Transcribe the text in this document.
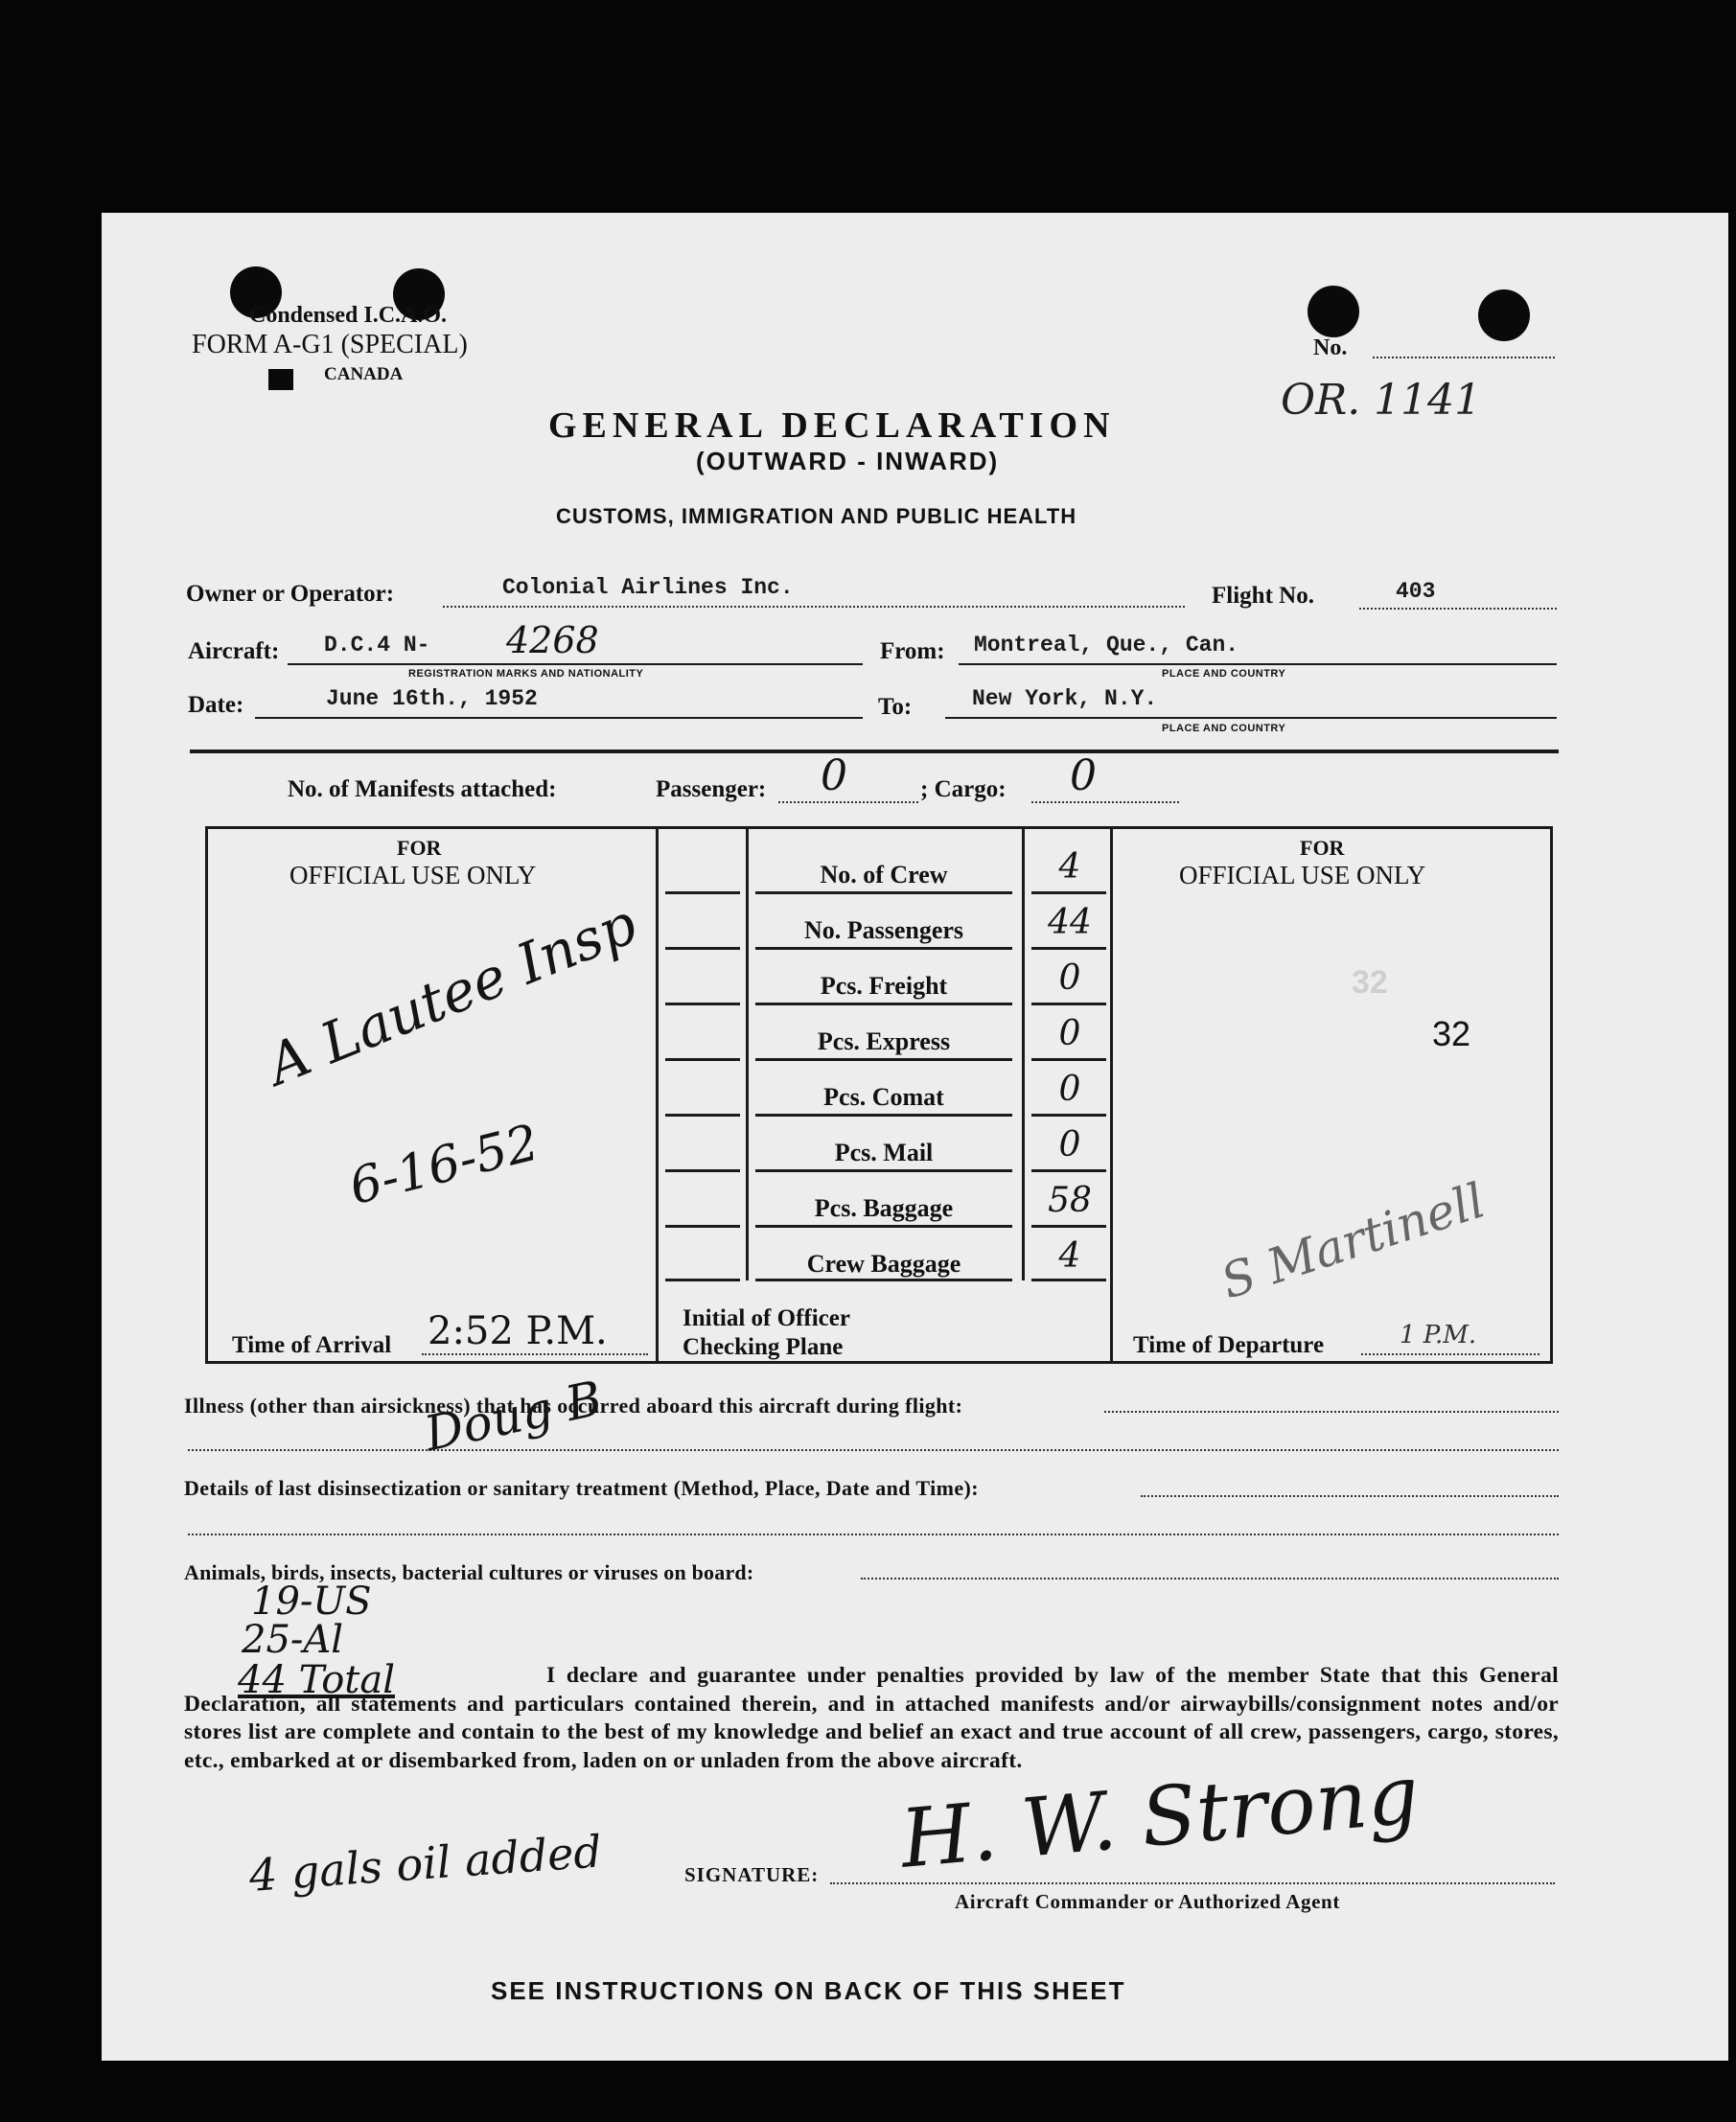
Condensed I.C.A.O.
FORM A-G1 (SPECIAL)
CANADA
No.
OR. 1141
GENERAL DECLARATION
(OUTWARD - INWARD)
CUSTOMS, IMMIGRATION AND PUBLIC HEALTH
Owner or Operator:	Colonial Airlines Inc.	Flight No.	403
Aircraft: D.C.4 N- 4268
REGISTRATION MARKS AND NATIONALITY
From: Montreal, Que., Can.
PLACE AND COUNTRY
Date:	June 16th., 1952	To:	New York, N.Y.
PLACE AND COUNTRY
No. of Manifests attached:	Passenger: 0	; Cargo: 0
FOR
OFFICIAL USE ONLY
A Lautee Insp
6-16-52
Time of Arrival 2:52 P.M.
No. of Crew	4
No. Passengers	44
Pcs. Freight	0
Pcs. Express	0
Pcs. Comat	0
Pcs. Mail	0
Pcs. Baggage	58
Crew Baggage	4
Initial of Officer
Checking Plane
FOR
OFFICIAL USE ONLY
32
32
S Martinell
Time of Departure	1 P.M.
Illness (other than airsickness) that has occurred aboard this aircraft during flight:
Doug B
Details of last disinsectization or sanitary treatment (Method, Place, Date and Time):
Animals, birds, insects, bacterial cultures or viruses on board:
19-US
25-Al
44 Total	I declare and guarantee under penalties provided by law of the member State that this General Declaration, all statements and particulars contained therein, and in attached manifests and/or airwaybills/consignment notes and/or stores list are complete and contain to the best of my knowledge and belief an exact and true account of all crew, passengers, cargo, stores, etc., embarked at or disembarked from, laden on or unladen from the above aircraft.
4 gals oil added	SIGNATURE: H. W. Strong
Aircraft Commander or Authorized Agent
SEE INSTRUCTIONS ON BACK OF THIS SHEET
